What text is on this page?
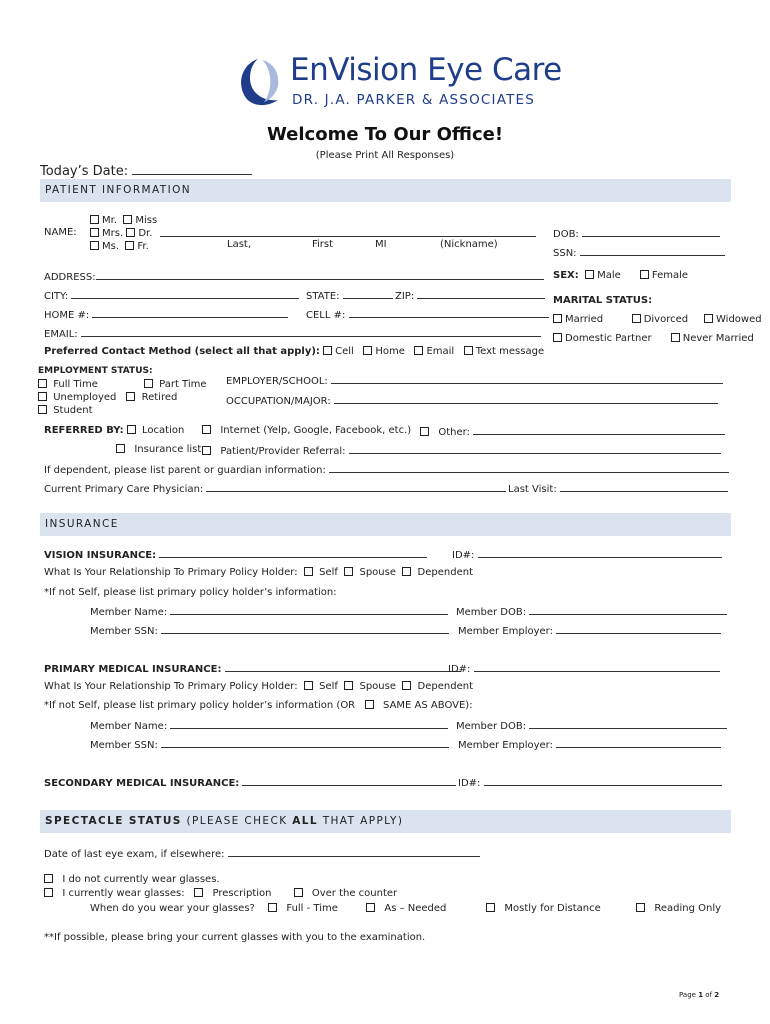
EnVision Eye Care
DR. J.A. PARKER & ASSOCIATES
Welcome To Our Office!
(Please Print All Responses)
Today’s Date:
PATIENT INFORMATION
Mr. Miss
Mrs. Dr.
Ms. Fr.
NAME:
Last,	First	MI	(Nickname)
DOB:
SSN:
ADDRESS:	SEX: Male	Female
CITY:	STATE:	ZIP:	MARITAL STATUS:
HOME #:	CELL #:	Married	Divorced	Widowed
EMAIL:	Domestic Partner	Never Married
Preferred Contact Method (select all that apply): Cell Home Email Text message
EMPLOYMENT STATUS:
Full Time	Part Time
Unemployed	Retired
Student
EMPLOYER/SCHOOL:
OCCUPATION/MAJOR:
REFERRED BY: Location	Internet (Yelp, Google, Facebook, etc.)	Other:
Insurance list	Patient/Provider Referral:
If dependent, please list parent or guardian information:
Current Primary Care Physician:	Last Visit:
INSURANCE
VISION INSURANCE:	ID#:
What Is Your Relationship To Primary Policy Holder: Self Spouse Dependent
*If not Self, please list primary policy holder’s information:
Member Name:	Member DOB:
Member SSN:	Member Employer:
PRIMARY MEDICAL INSURANCE:	ID#:
What Is Your Relationship To Primary Policy Holder: Self Spouse Dependent
*If not Self, please list primary policy holder’s information (OR	SAME AS ABOVE):
Member Name:	Member DOB:
Member SSN:	Member Employer:
SECONDARY MEDICAL INSURANCE:	ID#:
SPECTACLE STATUS (PLEASE CHECK ALL THAT APPLY)
Date of last eye exam, if elsewhere:
I do not currently wear glasses.
I currently wear glasses:	Prescription	Over the counter
When do you wear your glasses?	Full - Time	As – Needed	Mostly for Distance	Reading Only
**If possible, please bring your current glasses with you to the examination.
Page 1 of 2
